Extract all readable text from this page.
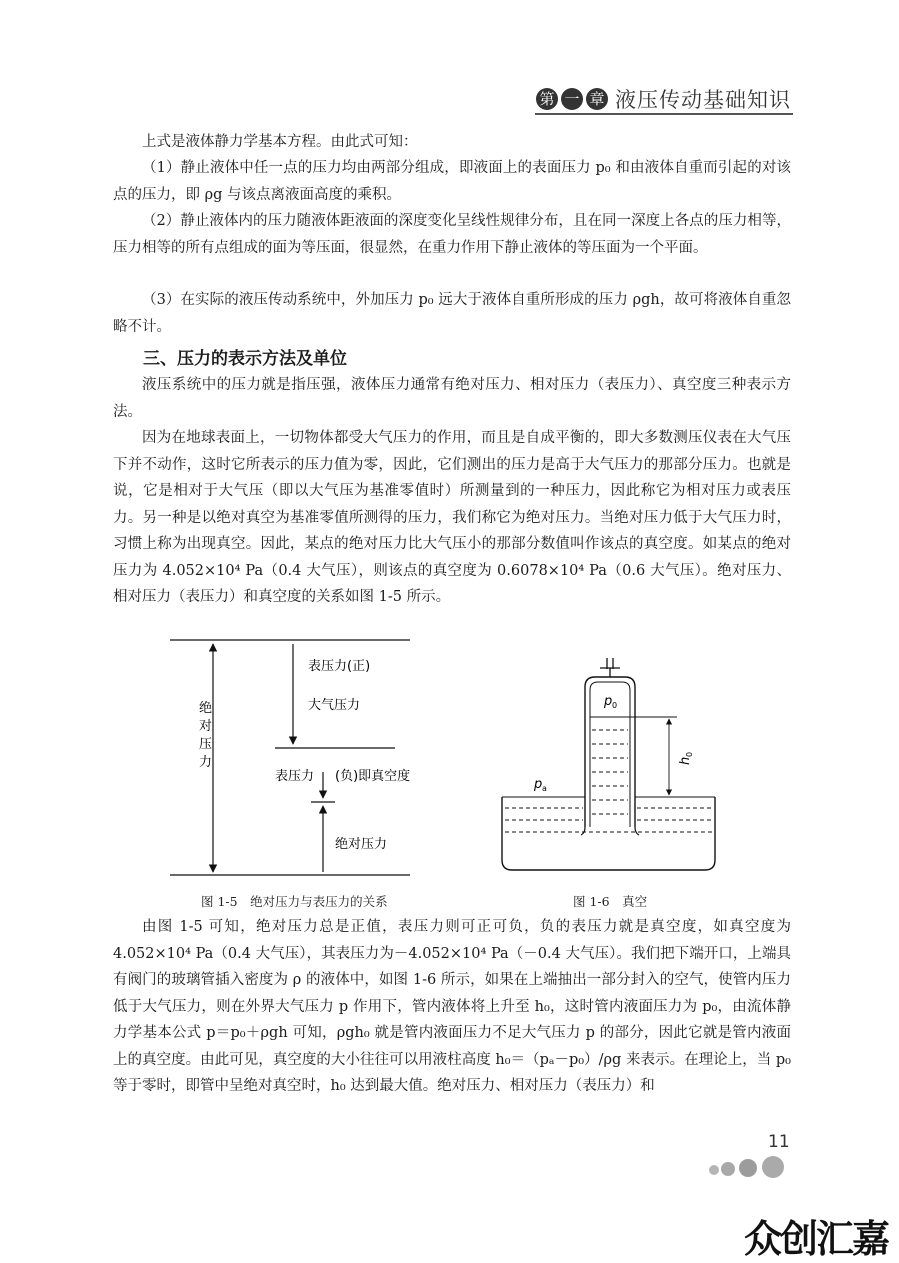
第 一 章 液压传动基础知识

上式是液体静力学基本方程。由此式可知：

（1）静止液体中任一点的压力均由两部分组成，即液面上的表面压力 p₀ 和由液体自重而引起的对该点的压力，即 ρg 与该点离液面高度的乘积。

（2）静止液体内的压力随液体距液面的深度变化呈线性规律分布，且在同一深度上各点的压力相等，压力相等的所有点组成的面为等压面，很显然，在重力作用下静止液体的等压面为一个平面。

（3）在实际的液压传动系统中，外加压力 p₀ 远大于液体自重所形成的压力 ρgh，故可将液体自重忽略不计。

三、压力的表示方法及单位

液压系统中的压力就是指压强，液体压力通常有绝对压力、相对压力（表压力）、真空度三种表示方法。

因为在地球表面上，一切物体都受大气压力的作用，而且是自成平衡的，即大多数测压仪表在大气压下并不动作，这时它所表示的压力值为零，因此，它们测出的压力是高于大气压力的那部分压力。也就是说，它是相对于大气压（即以大气压为基准零值时）所测量到的一种压力，因此称它为相对压力或表压力。另一种是以绝对真空为基准零值所测得的压力，我们称它为绝对压力。当绝对压力低于大气压力时，习惯上称为出现真空。因此，某点的绝对压力比大气压小的那部分数值叫作该点的真空度。如某点的绝对压力为 4.052×10⁴ Pa（0.4 大气压），则该点的真空度为 0.6078×10⁴ Pa（0.6 大气压）。绝对压力、相对压力（表压力）和真空度的关系如图 1-5 所示。

绝
对
压
力
表压力(正)
大气压力
表压力 (负)即真空度
绝对压力
图 1-5　绝对压力与表压力的关系
p 0
p a
h
0
图 1-6　真空

由图 1-5 可知，绝对压力总是正值，表压力则可正可负，负的表压力就是真空度，如真空度为 4.052×10⁴ Pa（0.4 大气压），其表压力为－4.052×10⁴ Pa（－0.4 大气压）。我们把下端开口，上端具有阀门的玻璃管插入密度为 ρ 的液体中，如图 1-6 所示，如果在上端抽出一部分封入的空气，使管内压力低于大气压力，则在外界大气压力 p 作用下，管内液体将上升至 h₀，这时管内液面压力为 p₀，由流体静力学基本公式 p＝p₀＋ρgh 可知，ρgh₀ 就是管内液面压力不足大气压力 p 的部分，因此它就是管内液面上的真空度。由此可见，真空度的大小往往可以用液柱高度 h₀＝（pₐ－p₀）/ρg 来表示。在理论上，当 p₀ 等于零时，即管中呈绝对真空时，h₀ 达到最大值。绝对压力、相对压力（表压力）和

11
众创汇嘉
